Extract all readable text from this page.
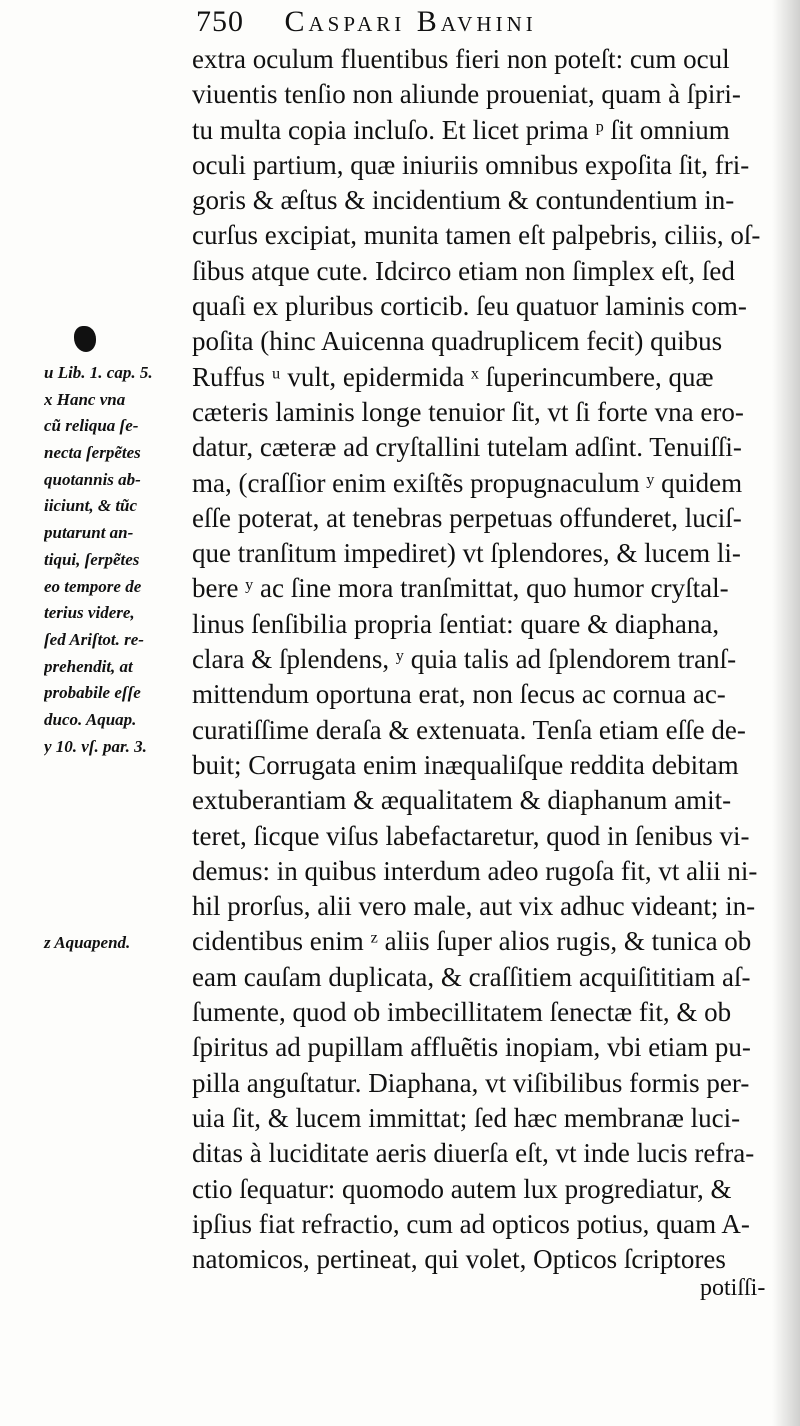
750 Caspari Bavhini
u Lib. 1. cap. 5.
x Hanc vna
cũ reliqua ſe-
necta ſerpẽtes
quotannis ab-
iiciunt, & tũc
putarunt an-
tiqui, ſerpẽtes
eo tempore de
terius videre,
ſed Ariſtot. re-
prehendit, at
probabile eſſe
duco. Aquap.
y 10. vſ. par. 3.
z Aquapend.
extra oculum fluentibus fieri non poteſt: cum ocul
viuentis tenſio non aliunde proueniat, quam à ſpiri-
tu multa copia incluſo. Et licet prima ᵖ ſit omnium
oculi partium, quæ iniuriis omnibus expoſita ſit, fri-
goris & æſtus & incidentium & contundentium in-
curſus excipiat, munita tamen eſt palpebris, ciliis, oſ-
ſibus atque cute. Idcirco etiam non ſimplex eſt, ſed
quaſi ex pluribus corticib. ſeu quatuor laminis com-
poſita (hinc Auicenna quadruplicem fecit) quibus
Ruffus ᵘ vult, epidermida ˣ ſuperincumbere, quæ
cæteris laminis longe tenuior ſit, vt ſi forte vna ero-
datur, cæteræ ad cryſtallini tutelam adſint. Tenuiſſi-
ma, (craſſior enim exiſtẽs propugnaculum ʸ quidem
eſſe poterat, at tenebras perpetuas offunderet, luciſ-
que tranſitum impediret) vt ſplendores, & lucem li-
bere ʸ ac ſine mora tranſmittat, quo humor cryſtal-
linus ſenſibilia propria ſentiat: quare & diaphana,
clara & ſplendens, ʸ quia talis ad ſplendorem tranſ-
mittendum oportuna erat, non ſecus ac cornua ac-
curatiſſime deraſa & extenuata. Tenſa etiam eſſe de-
buit; Corrugata enim inæqualiſque reddita debitam
extuberantiam & æqualitatem & diaphanum amit-
teret, ſicque viſus labefactaretur, quod in ſenibus vi-
demus: in quibus interdum adeo rugoſa fit, vt alii ni-
hil prorſus, alii vero male, aut vix adhuc videant; in-
cidentibus enim ᶻ aliis ſuper alios rugis, & tunica ob
eam cauſam duplicata, & craſſitiem acquiſititiam aſ-
ſumente, quod ob imbecillitatem ſenectæ fit, & ob
ſpiritus ad pupillam affluẽtis inopiam, vbi etiam pu-
pilla anguſtatur. Diaphana, vt viſibilibus formis per-
uia ſit, & lucem immittat; ſed hæc membranæ luci-
ditas à luciditate aeris diuerſa eſt, vt inde lucis refra-
ctio ſequatur: quomodo autem lux progrediatur, &
ipſius fiat refractio, cum ad opticos potius, quam A-
natomicos, pertineat, qui volet, Opticos ſcriptores
potiſſi-
